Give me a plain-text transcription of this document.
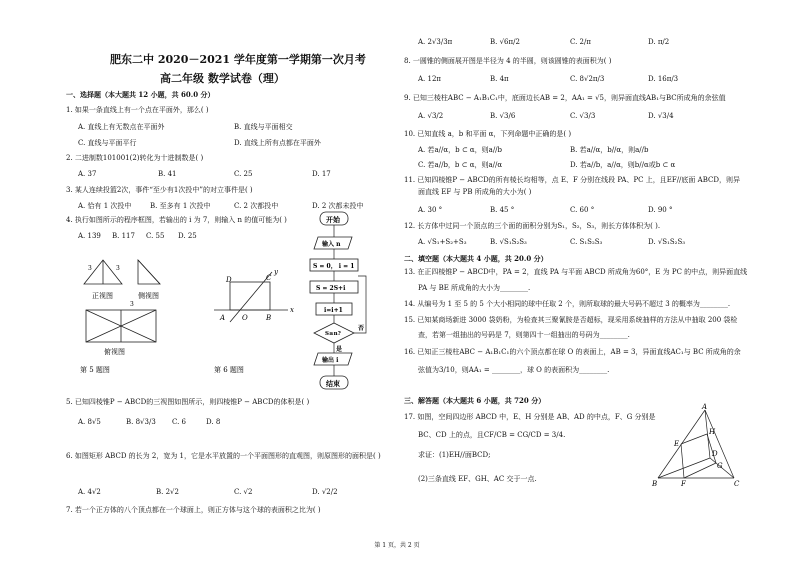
肥东二中 2020－2021 学年度第一学期第一次月考
高二年级 数学试卷（理）
一、选择题（本大题共 12 小题，共 60.0 分）
1. 如果一条直线上有一个点在平面外，那么( )
A. 直线上有无数点在平面外	B. 直线与平面相交
C. 直线与平面平行	D. 直线上所有点都在平面外
2. 二进制数101001(2)转化为十进制数是( )
A. 37	B. 41	C. 25	D. 17
3. 某人连续投篮2次，事件“至少有1次投中”的对立事件是( )
A. 恰有 1 次投中	B. 至多有 1 次投中	C. 2 次都投中	D. 2 次都未投中
4. 执行如图所示的程序框图，若输出的 i 为 7，则输入 n 的值可能为( )
A. 139 B. 117 C. 55 D. 25
3	3
3
正视图	侧视图
俯视图
第 5 题图
D	C
y
A O	B
x
第 6 题图
开始
输入 n
S = 0， i = 1
S = 2S+i
i=i+1
S≥n?
否
是
输出 i
结束
5. 已知四棱锥P − ABCD的三视图如图所示，则四棱锥P − ABCD的体积是( )
A. 8√5	B. 8√3/3 C. 6	D. 8
6. 如图矩形 ABCD 的长为 2，宽为 1，它是水平放置的一个平面图形的直观图，则原图形的面积是( )
A. 4√2	B. 2√2	C. √2	D. √2/2
7. 若一个正方体的八个顶点都在一个球面上，则正方体与这个球的表面积之比为( )
A. 2√3/3π	B. √6π/2	C. 2/π	D. π/2
8. 一圆锥的侧面展开图是半径为 4 的半圆，则该圆锥的表面积为( )
A. 12π	B. 4π	C. 8√2π/3	D. 16π/3
9. 已知三棱柱ABC − A₁B₁C₁中，底面边长AB = 2，AA₁ = √5，则异面直线AB₁与BC所成角的余弦值
A. √3/2	B. √3/6	C. √3/3	D. √3/4
10. 已知直线 a，b 和平面 α，下列命题中正确的是( )
A. 若a//α，b ⊂ α，则a//b	B. 若a//α，b//α，则a//b
C. 若a//b，b ⊂ α，则a//α	D. 若a//b，a//α，则b//α或b ⊂ α
11. 已知四棱锥P − ABCD的所有棱长均相等，点 E、F 分别在线段 PA、PC 上，且EF//底面 ABCD，则异
面直线 EF 与 PB 所成角的大小为( )
A. 30 °	B. 45 °	C. 60 °	D. 90 °
12. 长方体中过同一个顶点的三个面的面积分别为S₁，S₂，S₃，则长方体体积为( ).
A. √S₁+S₂+S₃	B. √S₁S₂S₃	C. S₁S₂S₃	D. √S₁S₂S₃
二、填空题（本大题共 4 小题，共 20.0 分）
13. 在正四棱锥P − ABCD中，PA = 2，直线 PA 与平面 ABCD 所成角为60°，E 为 PC 的中点，则异面直线
PA 与 BE 所成角的大小为________.
14. 从编号为 1 至 5 的 5 个大小相同的球中任取 2 个，则所取球的最大号码不超过 3 的概率为________.
15. 已知某商场新进 3000 袋奶粉，为检查其三聚氰胺是否超标，现采用系统抽样的方法从中抽取 200 袋检
查，若第一组抽出的号码是 7，则第四十一组抽出的号码为________.
16. 已知正三棱柱ABC − A₁B₁C₁的六个顶点都在球 O 的表面上，AB = 3，异面直线AC₁与 BC 所成角的余
弦值为3/10，则AA₁ = ________，球 O 的表面积为________.
三、解答题（本大题共 6 小题，共 720 分）
17. 如图，空间四边形 ABCD 中，E、H 分别是 AB、AD 的中点，F、G 分别是
BC、CD 上的点，且CF/CB = CG/CD = 3/4.
求证：(1)EH//面BCD;
(2)三条直线 EF、GH、AC 交于一点.
A
E
H
D
G
B	F	C
第 1 页，共 2 页
